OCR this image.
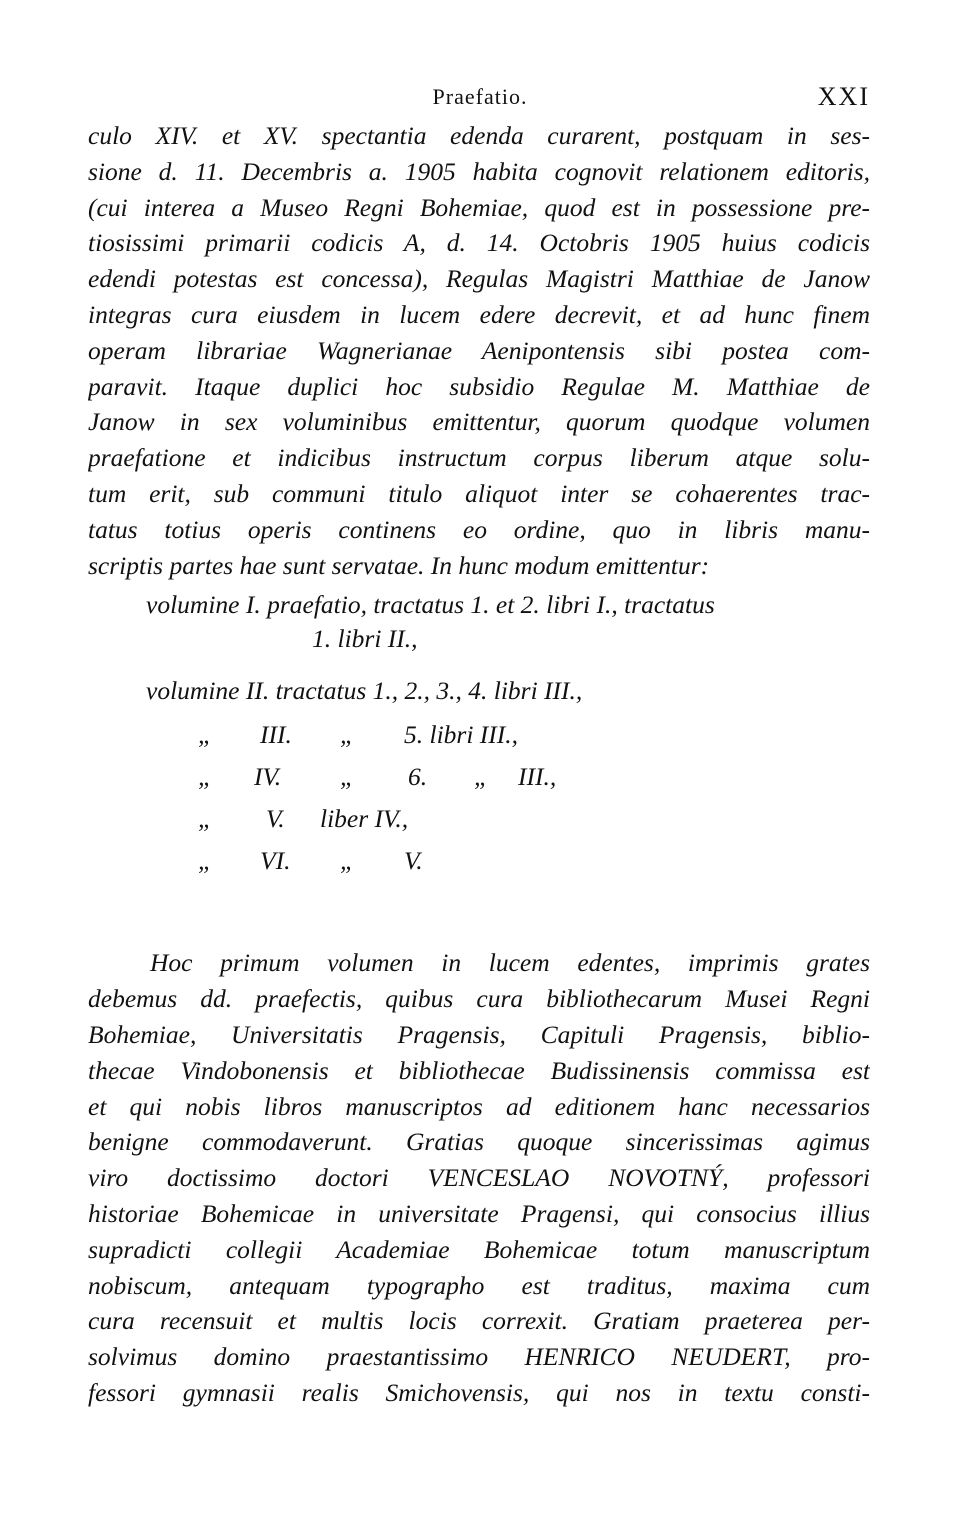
Praefatio.	XXI
culo XIV. et XV. spectantia edenda curarent, postquam in ses-
sione d. 11. Decembris a. 1905 habita cognovit relationem editoris,
(cui interea a Museo Regni Bohemiae, quod est in possessione pre-
tiosissimi primarii codicis A, d. 14. Octobris 1905 huius codicis
edendi potestas est concessa), Regulas Magistri Matthiae de Janow
integras cura eiusdem in lucem edere decrevit, et ad hunc finem
operam librariae Wagnerianae Aenipontensis sibi postea com-
paravit. Itaque duplici hoc subsidio Regulae M. Matthiae de
Janow in sex voluminibus emittentur, quorum quodque volumen
praefatione et indicibus instructum corpus liberum atque solu-
tum erit, sub communi titulo aliquot inter se cohaerentes trac-
tatus totius operis continens eo ordine, quo in libris manu-
scriptis partes hae sunt servatae. In hunc modum emittentur:
volumine I. praefatio, tractatus 1. et 2. libri I., tractatus
1. libri II.,
volumine II. tractatus 1., 2., 3., 4. libri III.,
„ III. „ 5. libri III.,
„ IV. „ 6. „ III.,
„ V. liber IV.,
„ VI. „ V.
Hoc primum volumen in lucem edentes, imprimis grates
debemus dd. praefectis, quibus cura bibliothecarum Musei Regni
Bohemiae, Universitatis Pragensis, Capituli Pragensis, biblio-
thecae Vindobonensis et bibliothecae Budissinensis commissa est
et qui nobis libros manuscriptos ad editionem hanc necessarios
benigne commodaverunt. Gratias quoque sincerissimas agimus
viro doctissimo doctori VENCESLAO NOVOTNÝ, professori
historiae Bohemicae in universitate Pragensi, qui consocius illius
supradicti collegii Academiae Bohemicae totum manuscriptum
nobiscum, antequam typographo est traditus, maxima cum
cura recensuit et multis locis correxit. Gratiam praeterea per-
solvimus domino praestantissimo HENRICO NEUDERT, pro-
fessori gymnasii realis Smichovensis, qui nos in textu consti-
